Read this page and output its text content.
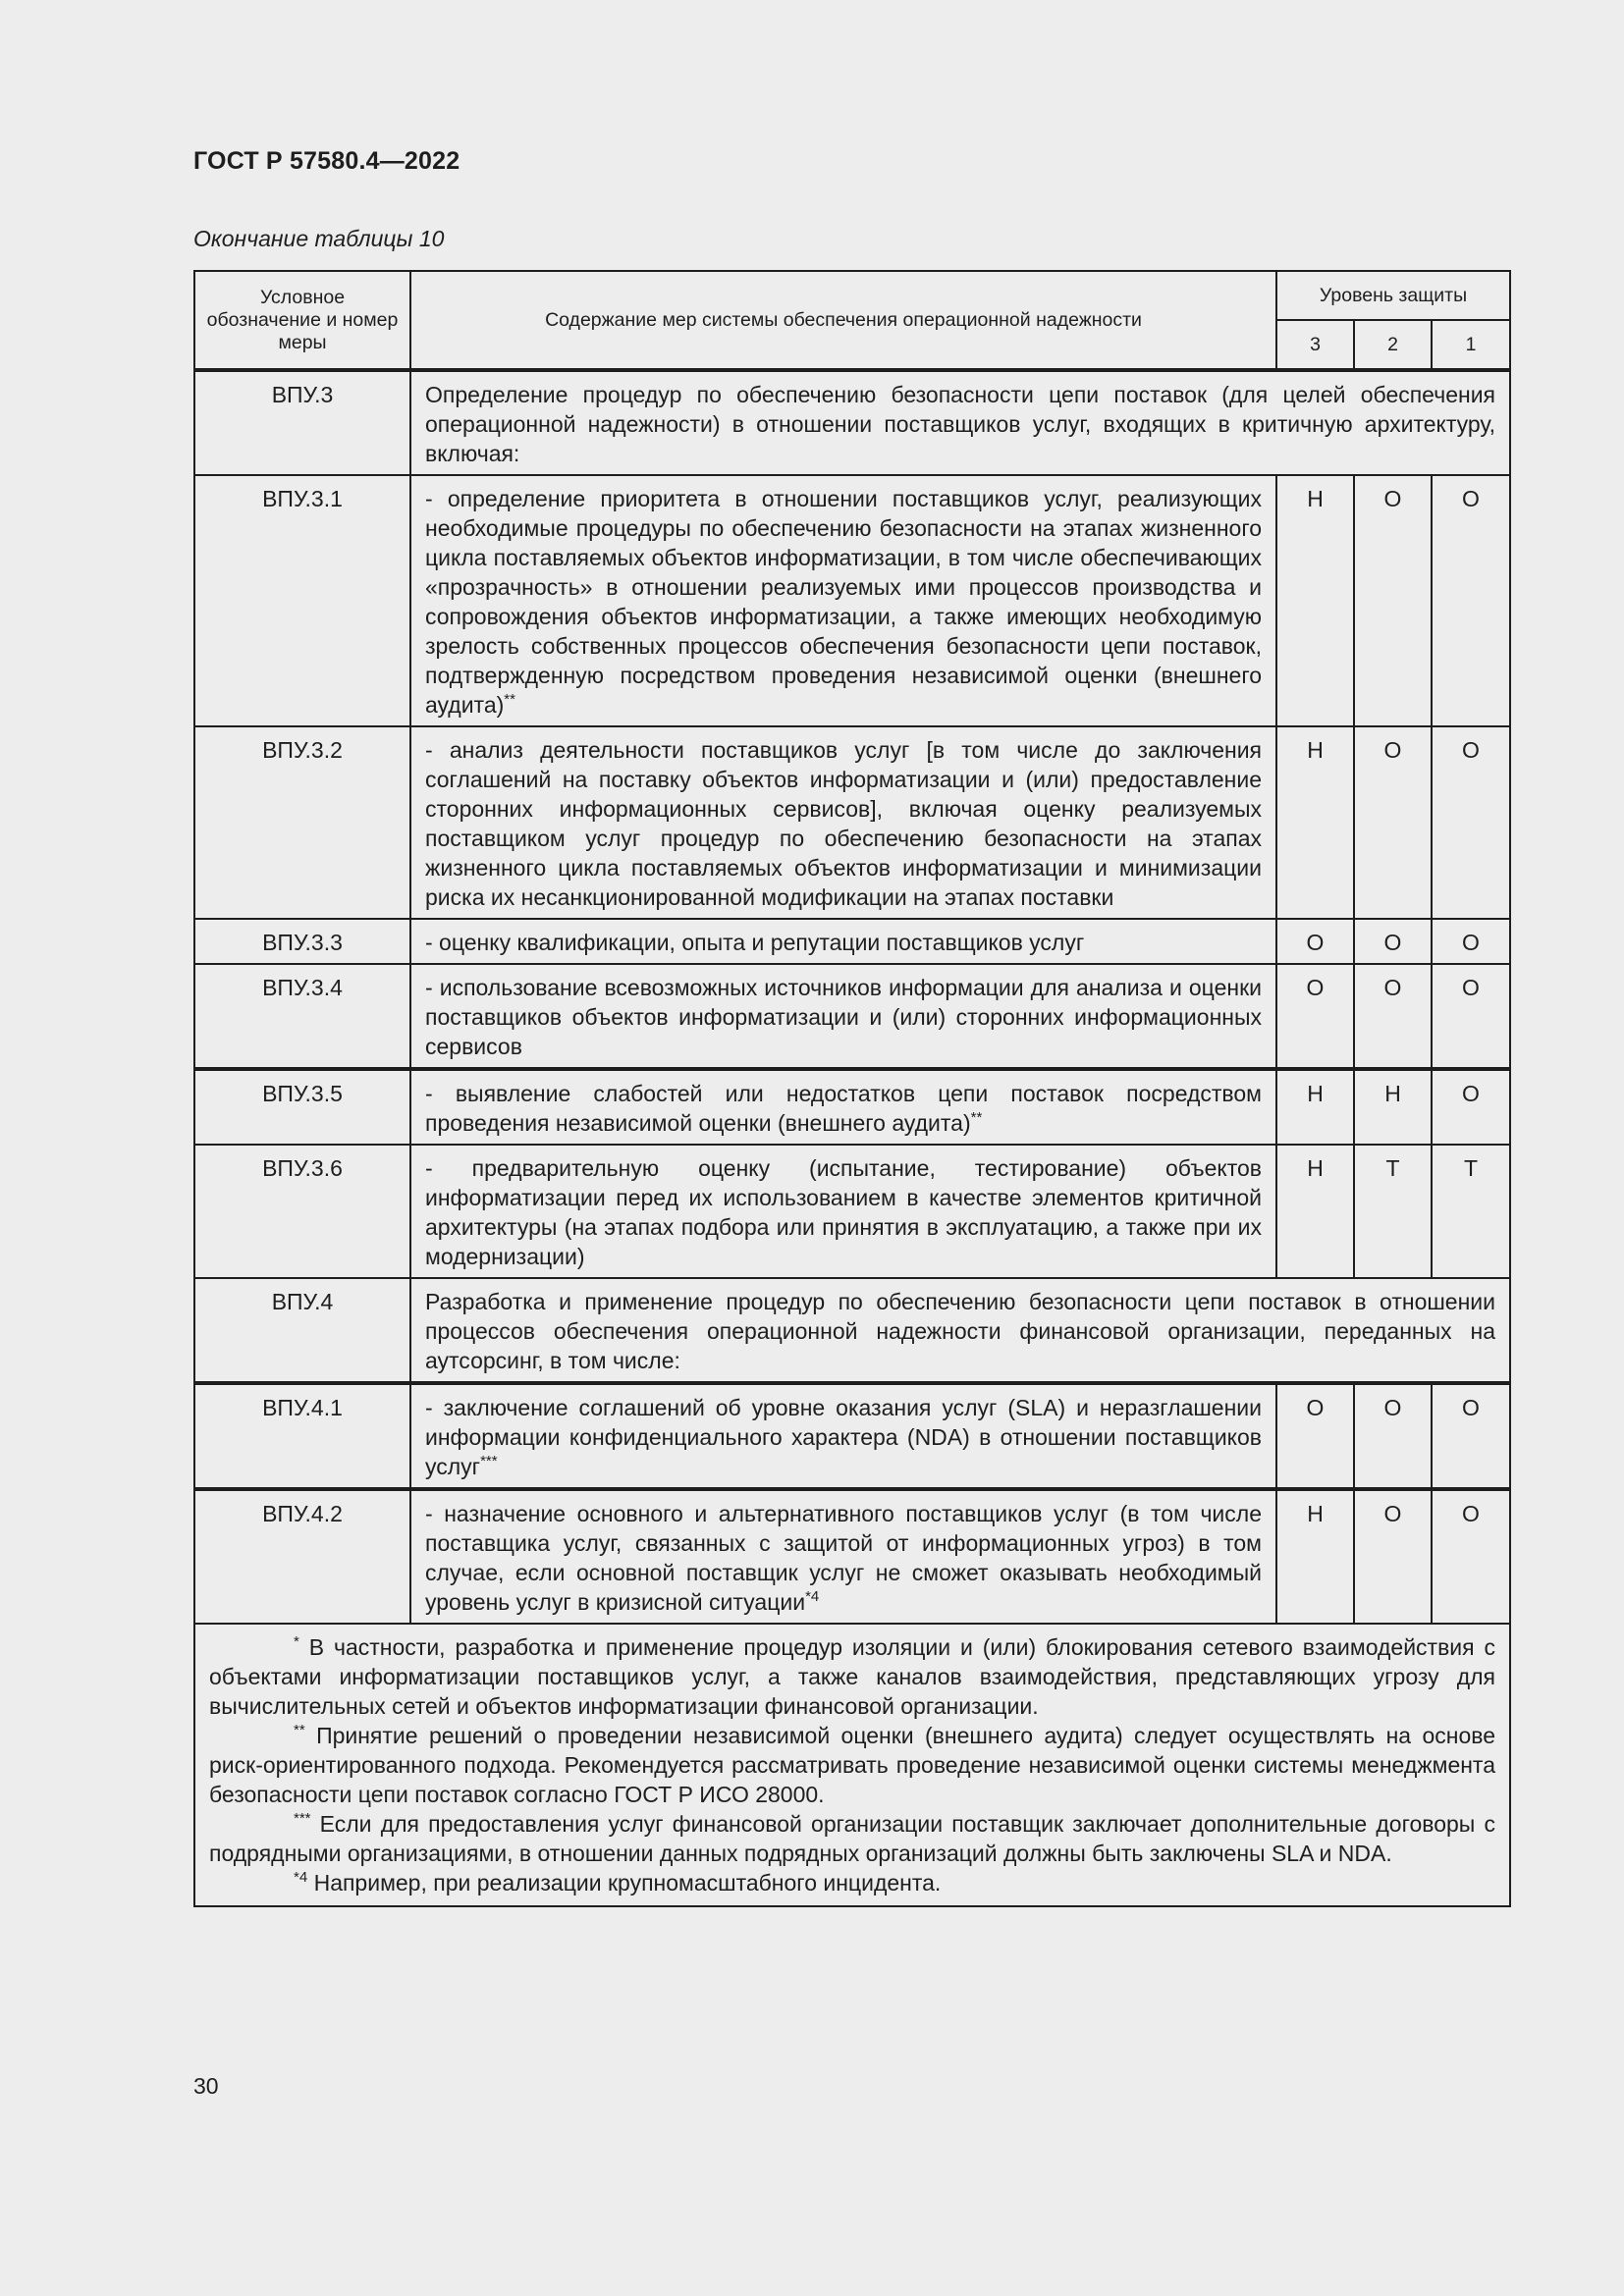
ГОСТ Р 57580.4—2022
Окончание таблицы 10
Условное обозначение и номер меры	Содержание мер системы обеспечения операционной надежности	Уровень защиты		
		3	2	1
ВПУ.3	Определение процедур по обеспечению безопасности цепи поставок (для целей обеспечения операционной надежности) в отношении поставщиков услуг, входящих в критичную архитектуру, включая:			
ВПУ.3.1	- определение приоритета в отношении поставщиков услуг, реализующих необходимые процедуры по обеспечению безопасности на этапах жизненного цикла поставляемых объектов информатизации, в том числе обеспечивающих «прозрачность» в отношении реализуемых ими процессов производства и сопровождения объектов информатизации, а также имеющих необходимую зрелость собственных процессов обеспечения безопасности цепи поставок, подтвержденную посредством проведения независимой оценки (внешнего аудита)**	Н	О	О
ВПУ.3.2	- анализ деятельности поставщиков услуг [в том числе до заключения соглашений на поставку объектов информатизации и (или) предоставление сторонних информационных сервисов], включая оценку реализуемых поставщиком услуг процедур по обеспечению безопасности на этапах жизненного цикла поставляемых объектов информатизации и минимизации риска их несанкционированной модификации на этапах поставки	Н	О	О
ВПУ.3.3	- оценку квалификации, опыта и репутации поставщиков услуг	О	О	О
ВПУ.3.4	- использование всевозможных источников информации для анализа и оценки поставщиков объектов информатизации и (или) сторонних информационных сервисов	О	О	О
ВПУ.3.5	- выявление слабостей или недостатков цепи поставок посредством проведения независимой оценки (внешнего аудита)**	Н	Н	О
ВПУ.3.6	- предварительную оценку (испытание, тестирование) объектов информатизации перед их использованием в качестве элементов критичной архитектуры (на этапах подбора или принятия в эксплуатацию, а также при их модернизации)	Н	Т	Т
ВПУ.4	Разработка и применение процедур по обеспечению безопасности цепи поставок в отношении процессов обеспечения операционной надежности финансовой организации, переданных на аутсорсинг, в том числе:			
ВПУ.4.1	- заключение соглашений об уровне оказания услуг (SLA) и неразглашении информации конфиденциального характера (NDA) в отношении поставщиков услуг***	О	О	О
ВПУ.4.2	- назначение основного и альтернативного поставщиков услуг (в том числе поставщика услуг, связанных с защитой от информационных угроз) в том случае, если основной поставщик услуг не сможет оказывать необходимый уровень услуг в кризисной ситуации$^{*4}$	Н	О	О

* В частности, разработка и применение процедур изоляции и (или) блокирования сетевого взаимодействия с объектами информатизации поставщиков услуг, а также каналов взаимодействия, представляющих угрозу для вычислительных сетей и объектов информатизации финансовой организации.

** Принятие решений о проведении независимой оценки (внешнего аудита) следует осуществлять на основе риск-ориентированного подхода. Рекомендуется рассматривать проведение независимой оценки системы менеджмента безопасности цепи поставок согласно ГОСТ Р ИСО 28000.

*** Если для предоставления услуг финансовой организации поставщик заключает дополнительные договоры с подрядными организациями, в отношении данных подрядных организаций должны быть заключены SLA и NDA.

$^{*4}$ Например, при реализации крупномасштабного инцидента.				

30
